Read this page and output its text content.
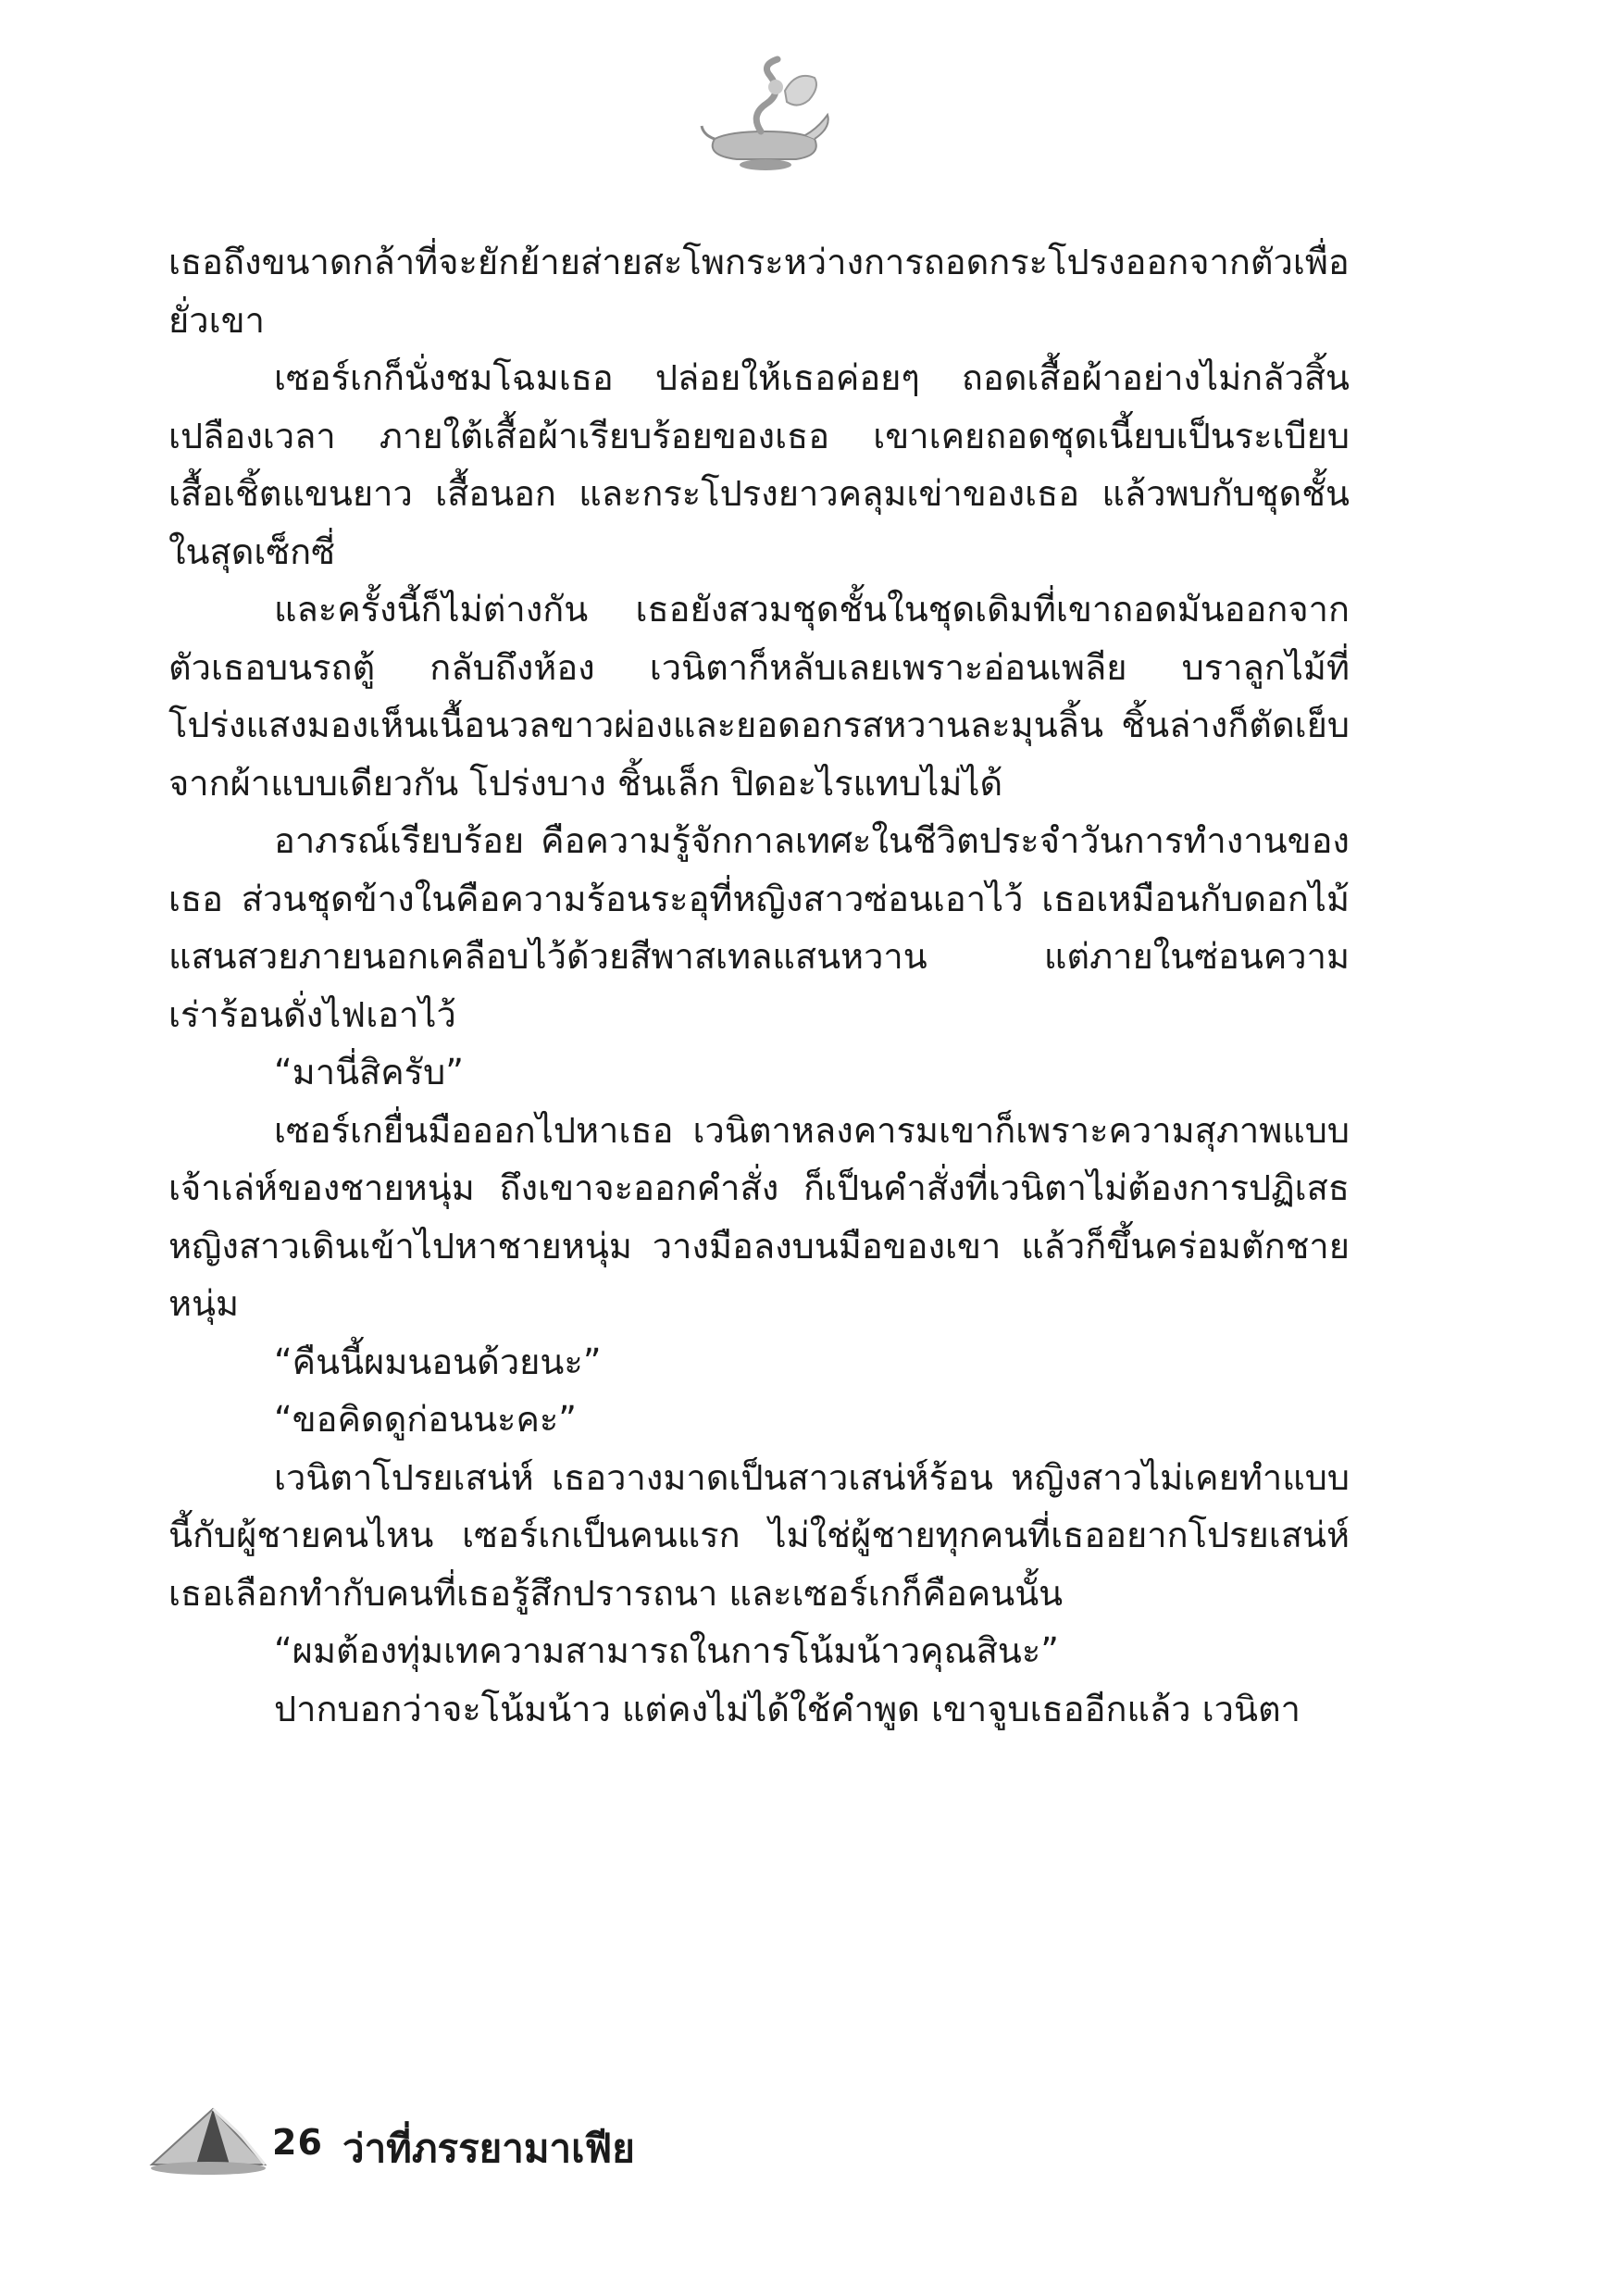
เธอถึงขนาดกล้าที่จะยักย้ายส่ายสะโพกระหว่างการถอดกระโปรงออกจากตัวเพื่อยั่วเขา

เซอร์เกก็นั่งชมโฉมเธอ ปล่อยให้เธอค่อยๆ ถอดเสื้อผ้าอย่างไม่กลัวสิ้นเปลืองเวลา ภายใต้เสื้อผ้าเรียบร้อยของเธอ เขาเคยถอดชุดเนี้ยบเป็นระเบียบ เสื้อเชิ้ตแขนยาว เสื้อนอก และกระโปรงยาวคลุมเข่าของเธอ แล้วพบกับชุดชั้นในสุดเซ็กซี่

และครั้งนี้ก็ไม่ต่างกัน เธอยังสวมชุดชั้นในชุดเดิมที่เขาถอดมันออกจากตัวเธอบนรถตู้ กลับถึงห้อง เวนิตาก็หลับเลยเพราะอ่อนเพลีย บราลูกไม้ที่โปร่งแสงมองเห็นเนื้อนวลขาวผ่องและยอดอกรสหวานละมุนลิ้น ชิ้นล่างก็ตัดเย็บจากผ้าแบบเดียวกัน โปร่งบาง ชิ้นเล็ก ปิดอะไรแทบไม่ได้

อาภรณ์เรียบร้อย คือความรู้จักกาลเทศะในชีวิตประจำวันการทำงานของเธอ ส่วนชุดข้างในคือความร้อนระอุที่หญิงสาวซ่อนเอาไว้ เธอเหมือนกับดอกไม้แสนสวยภายนอกเคลือบไว้ด้วยสีพาสเทลแสนหวาน แต่ภายในซ่อนความเร่าร้อนดั่งไฟเอาไว้

“มานี่สิครับ”

เซอร์เกยื่นมือออกไปหาเธอ เวนิตาหลงคารมเขาก็เพราะความสุภาพแบบเจ้าเล่ห์ของชายหนุ่ม ถึงเขาจะออกคำสั่ง ก็เป็นคำสั่งที่เวนิตาไม่ต้องการปฏิเสธ หญิงสาวเดินเข้าไปหาชายหนุ่ม วางมือลงบนมือของเขา แล้วก็ขึ้นคร่อมตักชายหนุ่ม

“คืนนี้ผมนอนด้วยนะ”

“ขอคิดดูก่อนนะคะ”

เวนิตาโปรยเสน่ห์ เธอวางมาดเป็นสาวเสน่ห์ร้อน หญิงสาวไม่เคยทำแบบนี้กับผู้ชายคนไหน เซอร์เกเป็นคนแรก ไม่ใช่ผู้ชายทุกคนที่เธออยากโปรยเสน่ห์ เธอเลือกทำกับคนที่เธอรู้สึกปรารถนา และเซอร์เกก็คือคนนั้น

“ผมต้องทุ่มเทความสามารถในการโน้มน้าวคุณสินะ”

ปากบอกว่าจะโน้มน้าว แต่คงไม่ได้ใช้คำพูด เขาจูบเธออีกแล้ว เวนิตา

26 ว่าที่ภรรยามาเฟีย
